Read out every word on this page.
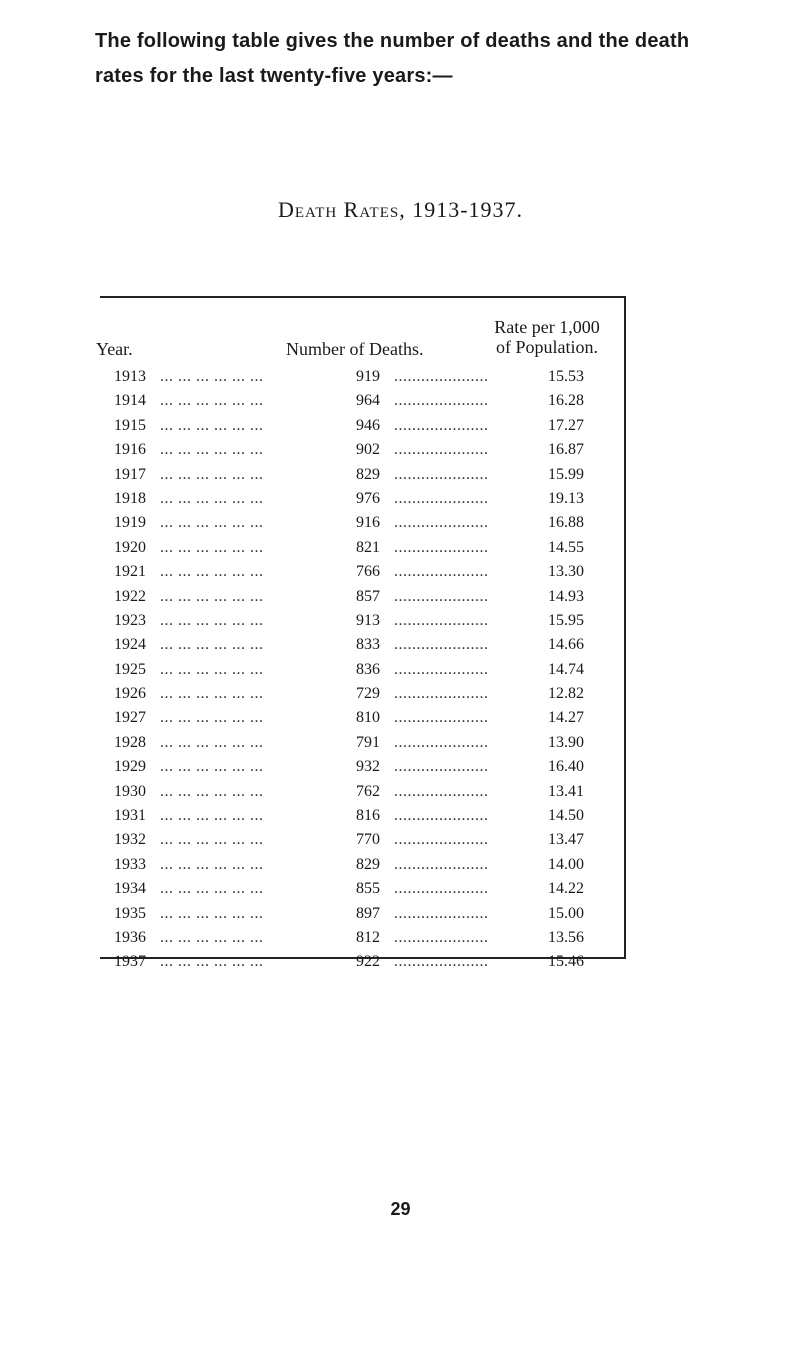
The following table gives the number of deaths and the death
rates for the last twenty-five years:—
Death Rates, 1913-1937.
Year.	Number of Deaths.
Rate per 1,000
of Population.
1913 ... ... ... ... ... ...	919 .....................	15.53
1914 ... ... ... ... ... ...	964 .....................	16.28
1915 ... ... ... ... ... ...	946 .....................	17.27
1916 ... ... ... ... ... ...	902 .....................	16.87
1917 ... ... ... ... ... ...	829 .....................	15.99
1918 ... ... ... ... ... ...	976 .....................	19.13
1919 ... ... ... ... ... ...	916 .....................	16.88
1920 ... ... ... ... ... ...	821 .....................	14.55
1921 ... ... ... ... ... ...	766 .....................	13.30
1922 ... ... ... ... ... ...	857 .....................	14.93
1923 ... ... ... ... ... ...	913 .....................	15.95
1924 ... ... ... ... ... ...	833 .....................	14.66
1925 ... ... ... ... ... ...	836 .....................	14.74
1926 ... ... ... ... ... ...	729 .....................	12.82
1927 ... ... ... ... ... ...	810 .....................	14.27
1928 ... ... ... ... ... ...	791 .....................	13.90
1929 ... ... ... ... ... ...	932 .....................	16.40
1930 ... ... ... ... ... ...	762 .....................	13.41
1931 ... ... ... ... ... ...	816 .....................	14.50
1932 ... ... ... ... ... ...	770 .....................	13.47
1933 ... ... ... ... ... ...	829 .....................	14.00
1934 ... ... ... ... ... ...	855 .....................	14.22
1935 ... ... ... ... ... ...	897 .....................	15.00
1936 ... ... ... ... ... ...	812 .....................	13.56
1937 ... ... ... ... ... ...	922 .....................	15.46
29
